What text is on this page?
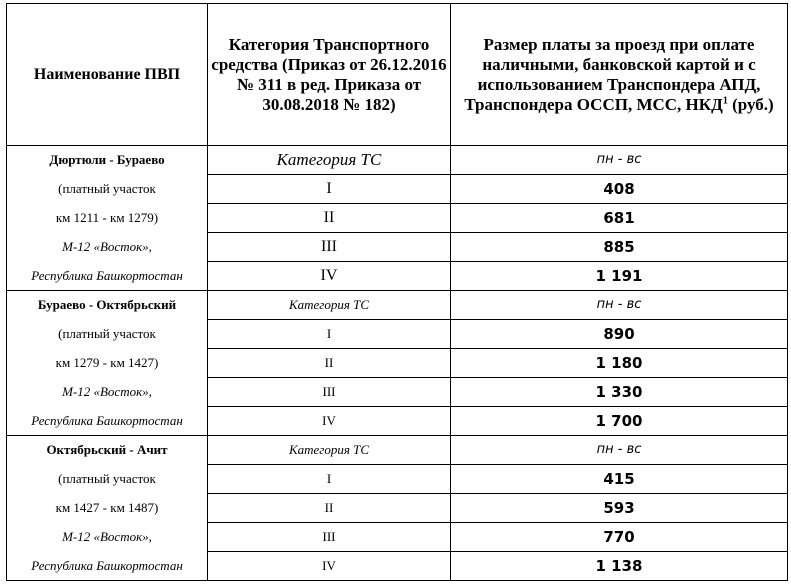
Наименование ПВП	Категория Транспортного средства (Приказ от 26.12.2016 № 311 в ред. Приказа от 30.08.2018 № 182)	Размер платы за проезд при оплате наличными, банковской картой и с использованием Транспондера АПД, Транспондера ОССП, МСС, НКД$^1$ (руб.)
Дюртюли - Бураево	Категория ТС	пн - вс
(платный участок	I	408
км 1211 - км 1279)	II	681
М-12 «Восток»,	III	885
Республика Башкортостан	IV	1 191
Бураево - Октябрьский	Категория ТС	пн - вс
(платный участок	I	890
км 1279 - км 1427)	II	1 180
М-12 «Восток»,	III	1 330
Республика Башкортостан	IV	1 700
Октябрьский - Ачит	Категория ТС	пн - вс
(платный участок	I	415
км 1427 - км 1487)	II	593
М-12 «Восток»,	III	770
Республика Башкортостан	IV	1 138
